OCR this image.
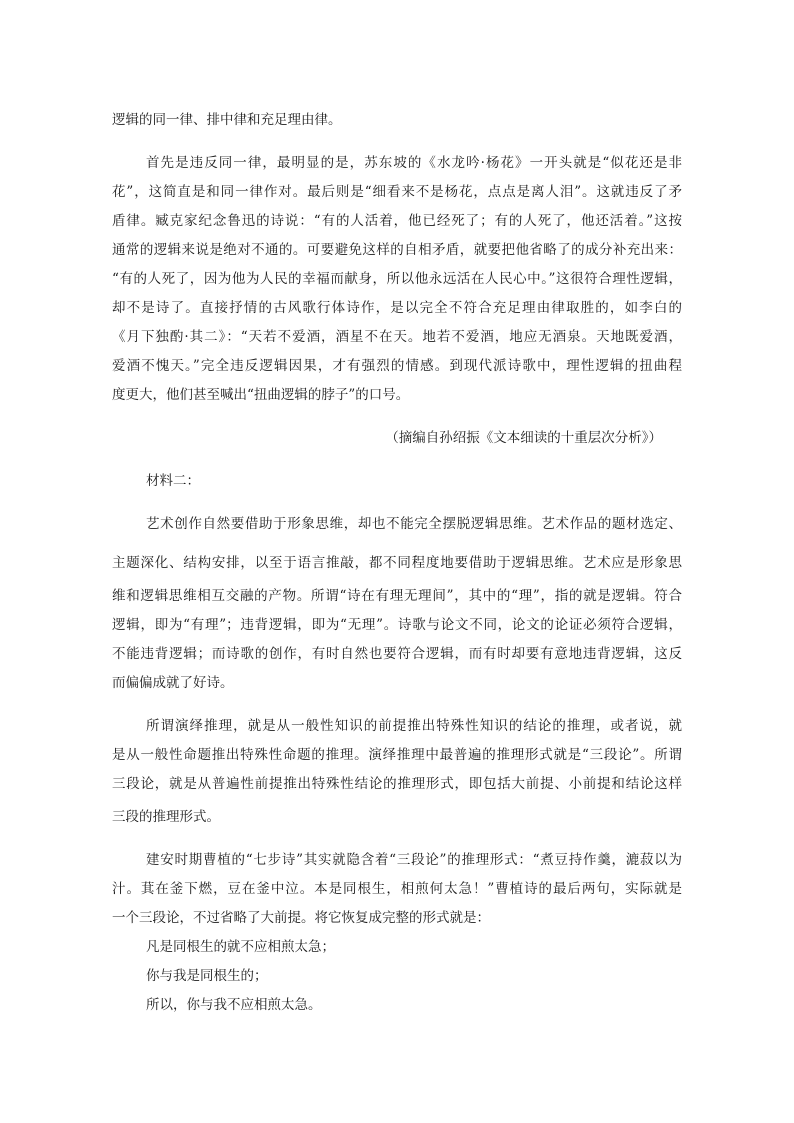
逻辑的同一律、排中律和充足理由律。
首先是违反同一律，最明显的是，苏东坡的《水龙吟·杨花》一开头就是“似花还是非
花”，这简直是和同一律作对。最后则是“细看来不是杨花，点点是离人泪”。这就违反了矛
盾律。臧克家纪念鲁迅的诗说：“有的人活着，他已经死了；有的人死了，他还活着。”这按
通常的逻辑来说是绝对不通的。可要避免这样的自相矛盾，就要把他省略了的成分补充出来：
“有的人死了，因为他为人民的幸福而献身，所以他永远活在人民心中。”这很符合理性逻辑，
却不是诗了。直接抒情的古风歌行体诗作，是以完全不符合充足理由律取胜的，如李白的
《月下独酌·其二》：“天若不爱酒，酒星不在天。地若不爱酒，地应无酒泉。天地既爱酒，
爱酒不愧天。”完全违反逻辑因果，才有强烈的情感。到现代派诗歌中，理性逻辑的扭曲程
度更大，他们甚至喊出“扭曲逻辑的脖子”的口号。
（摘编自孙绍振《文本细读的十重层次分析》）
材料二：
艺术创作自然要借助于形象思维，却也不能完全摆脱逻辑思维。艺术作品的题材选定、
主题深化、结构安排，以至于语言推敲，都不同程度地要借助于逻辑思维。艺术应是形象思
维和逻辑思维相互交融的产物。所谓“诗在有理无理间”，其中的“理”，指的就是逻辑。符合
逻辑，即为“有理”；违背逻辑，即为“无理”。诗歌与论文不同，论文的论证必须符合逻辑，
不能违背逻辑；而诗歌的创作，有时自然也要符合逻辑，而有时却要有意地违背逻辑，这反
而偏偏成就了好诗。
所谓演绎推理，就是从一般性知识的前提推出特殊性知识的结论的推理，或者说，就
是从一般性命题推出特殊性命题的推理。演绎推理中最普遍的推理形式就是“三段论”。所谓
三段论，就是从普遍性前提推出特殊性结论的推理形式，即包括大前提、小前提和结论这样
三段的推理形式。
建安时期曹植的“七步诗”其实就隐含着“三段论”的推理形式：“煮豆持作羹，漉菽以为
汁。萁在釜下燃，豆在釜中泣。本是同根生，相煎何太急！”曹植诗的最后两句，实际就是
一个三段论，不过省略了大前提。将它恢复成完整的形式就是：
凡是同根生的就不应相煎太急；
你与我是同根生的；
所以，你与我不应相煎太急。
